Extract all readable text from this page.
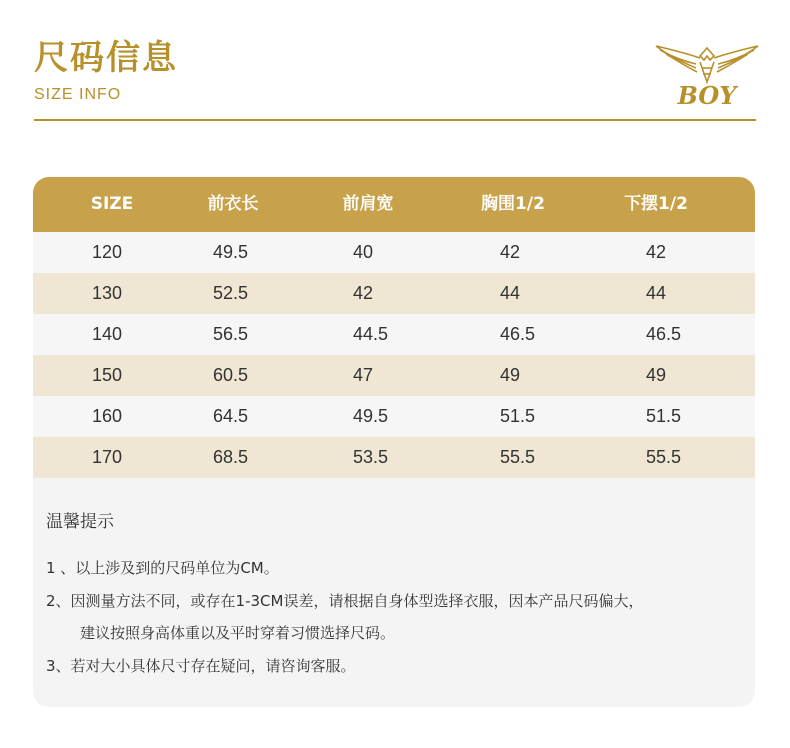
尺码信息
SIZE INFO	BOY
SIZE	前衣长	前肩宽	胸围1/2	下摆1/2
120	49.5	40	42	42
130	52.5	42	44	44
140	56.5	44.5	46.5	46.5
150	60.5	47	49	49
160	64.5	49.5	51.5	51.5
170	68.5	53.5	55.5	55.5
温馨提示
1 、以上涉及到的尺码单位为CM。
2、因测量方法不同，或存在1-3CM误差，请根据自身体型选择衣服，因本产品尺码偏大，
建议按照身高体重以及平时穿着习惯选择尺码。
3、若对大小具体尺寸存在疑问，请咨询客服。
